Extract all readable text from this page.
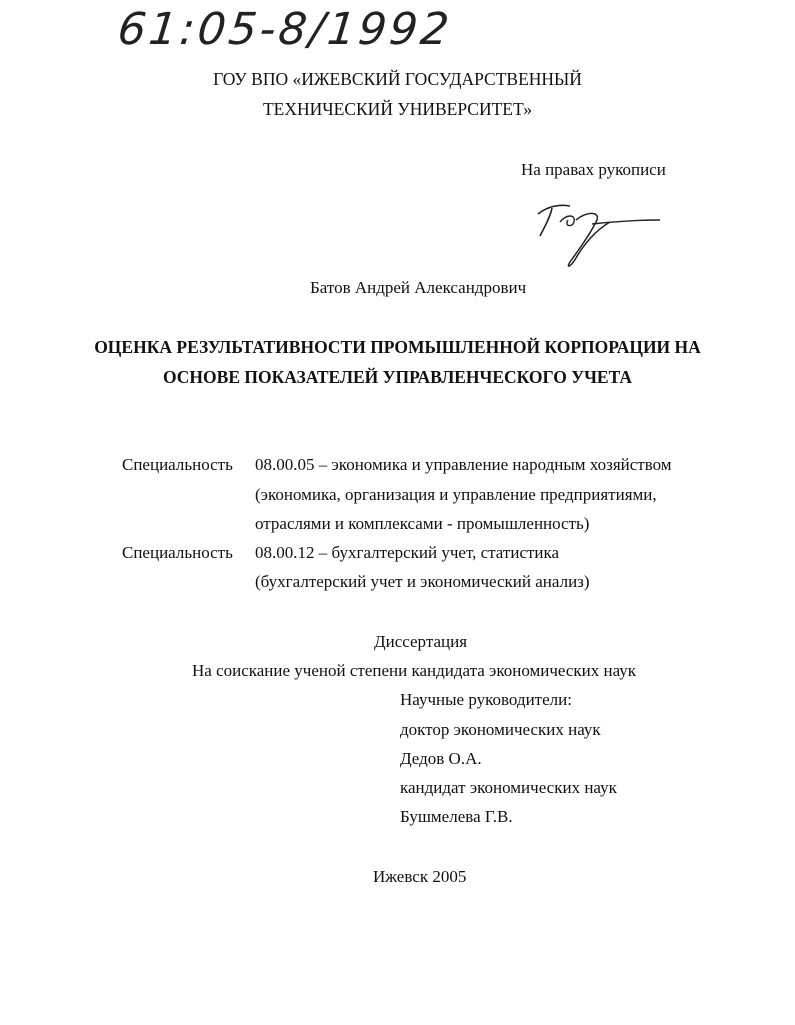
61:05-8/1992
ГОУ ВПО «ИЖЕВСКИЙ ГОСУДАРСТВЕННЫЙ
ТЕХНИЧЕСКИЙ УНИВЕРСИТЕТ»
На правах рукописи
Батов Андрей Александрович
ОЦЕНКА РЕЗУЛЬТАТИВНОСТИ ПРОМЫШЛЕННОЙ КОРПОРАЦИИ НА
ОСНОВЕ ПОКАЗАТЕЛЕЙ УПРАВЛЕНЧЕСКОГО УЧЕТА
Специальность 08.00.05 – экономика и управление народным хозяйством
(экономика, организация и управление предприятиями,
отраслями и комплексами - промышленность)
Специальность 08.00.12 – бухгалтерский учет, статистика
(бухгалтерский учет и экономический анализ)
Диссертация
На соискание ученой степени кандидата экономических наук
Научные руководители:
доктор экономических наук
Дедов О.А.
кандидат экономических наук
Бушмелева Г.В.
Ижевск 2005
